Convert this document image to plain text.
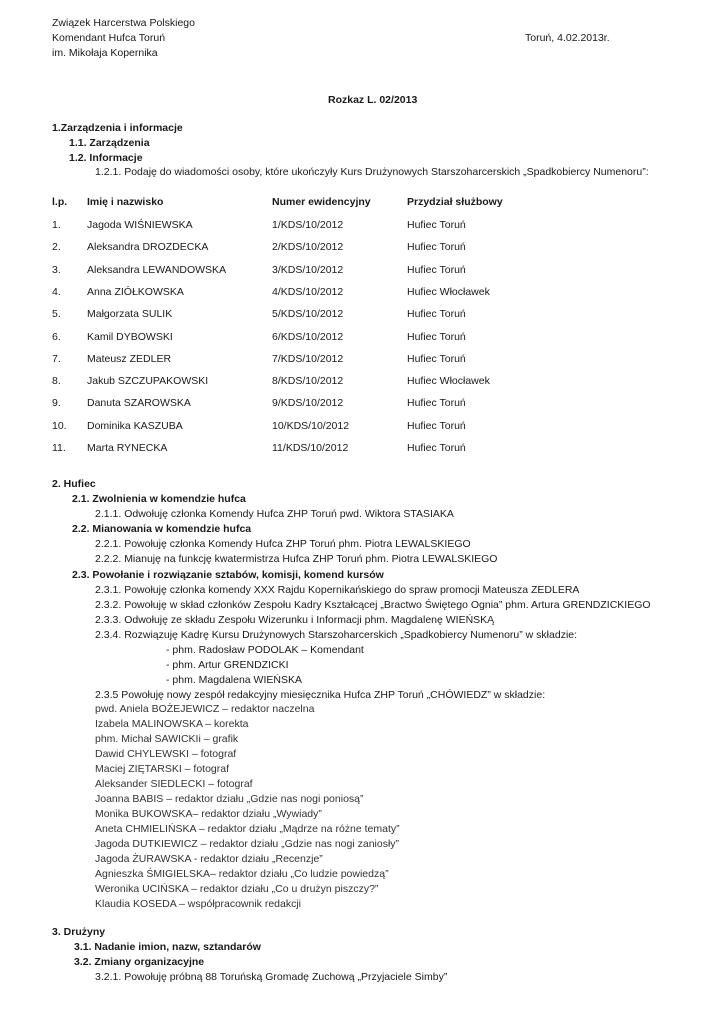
Związek Harcerstwa Polskiego
Komendant Hufca Toruń
im. Mikołaja Kopernika
Toruń, 4.02.2013r.
Rozkaz L. 02/2013
1.Zarządzenia i informacje
1.1. Zarządzenia
1.2. Informacje
1.2.1. Podaję do wiadomości osoby, które ukończyły Kurs Drużynowych Starszoharcerskich „Spadkobiercy Numenoru”:
l.p. Imię i nazwisko	Numer ewidencyjny	Przydział służbowy
1. Jagoda WIŚNIEWSKA	1/KDS/10/2012	Hufiec Toruń
2. Aleksandra DROZDECKA	2/KDS/10/2012	Hufiec Toruń
3. Aleksandra LEWANDOWSKA	3/KDS/10/2012	Hufiec Toruń
4. Anna ZIÓŁKOWSKA	4/KDS/10/2012	Hufiec Włocławek
5. Małgorzata SULIK	5/KDS/10/2012	Hufiec Toruń
6. Kamil DYBOWSKI	6/KDS/10/2012	Hufiec Toruń
7. Mateusz ZEDLER	7/KDS/10/2012	Hufiec Toruń
8. Jakub SZCZUPAKOWSKI	8/KDS/10/2012	Hufiec Włocławek
9. Danuta SZAROWSKA	9/KDS/10/2012	Hufiec Toruń
10. Dominika KASZUBA	10/KDS/10/2012	Hufiec Toruń
11. Marta RYNECKA	11/KDS/10/2012	Hufiec Toruń
2. Hufiec
2.1. Zwolnienia w komendzie hufca
2.1.1. Odwołuję członka Komendy Hufca ZHP Toruń pwd. Wiktora STASIAKA
2.2. Mianowania w komendzie hufca
2.2.1. Powołuję członka Komendy Hufca ZHP Toruń phm. Piotra LEWALSKIEGO
2.2.2. Mianuję na funkcję kwatermistrza Hufca ZHP Toruń phm. Piotra LEWALSKIEGO
2.3. Powołanie i rozwiązanie sztabów, komisji, komend kursów
2.3.1. Powołuję członka komendy XXX Rajdu Kopernikańskiego do spraw promocji Mateusza ZEDLERA
2.3.2. Powołuję w skład członków Zespołu Kadry Kształcącej „Bractwo Świętego Ognia” phm. Artura GRENDZICKIEGO
2.3.3. Odwołuję ze składu Zespołu Wizerunku i Informacji phm. Magdalenę WIEŃSKĄ
2.3.4. Rozwiązuję Kadrę Kursu Drużynowych Starszoharcerskich „Spadkobiercy Numenoru” w składzie:
- phm. Radosław PODOLAK – Komendant
- phm. Artur GRENDZICKI
- phm. Magdalena WIEŃSKA
2.3.5 Powołuję nowy zespół redakcyjny miesięcznika Hufca ZHP Toruń „CHÓWIEDZ” w składzie:
pwd. Aniela BOŻEJEWICZ – redaktor naczelna
Izabela MALINOWSKA – korekta
phm. Michał SAWICKIi – grafik
Dawid CHYLEWSKI – fotograf
Maciej ZIĘTARSKI – fotograf
Aleksander SIEDLECKI – fotograf
Joanna BABIS – redaktor działu „Gdzie nas nogi poniosą”
Monika BUKOWSKA– redaktor działu „Wywiady”
Aneta CHMIELIŃSKA – redaktor działu „Mądrze na różne tematy”
Jagoda DUTKIEWICZ – redaktor działu „Gdzie nas nogi zaniosły”
Jagoda ŻURAWSKA - redaktor działu „Recenzje”
Agnieszka ŚMIGIELSKA– redaktor działu „Co ludzie powiedzą”
Weronika UCIŃSKA – redaktor działu „Co u drużyn piszczy?”
Klaudia KOSEDA – współpracownik redakcji
3. Drużyny
3.1. Nadanie imion, nazw, sztandarów
3.2. Zmiany organizacyjne
3.2.1. Powołuję próbną 88 Toruńską Gromadę Zuchową „Przyjaciele Simby”
